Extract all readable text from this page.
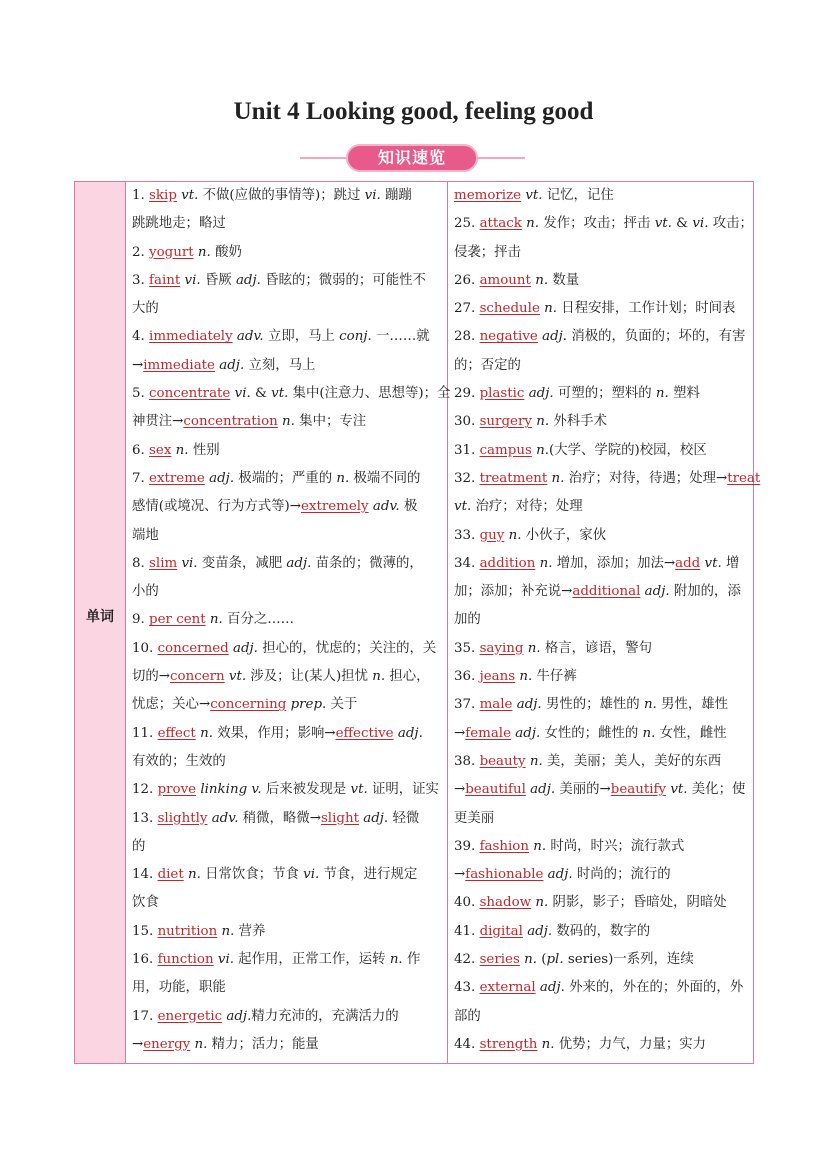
Unit 4 Looking good, feeling good
知识速览
单词
1. skip vt. 不做(应做的事情等)；跳过 vi. 蹦蹦
跳跳地走；略过
2. yogurt n. 酸奶
3. faint vi. 昏厥 adj. 昏眩的；微弱的；可能性不
大的
4. immediately adv. 立即，马上 conj. 一……就
→immediate adj. 立刻，马上
5. concentrate vi. & vt. 集中(注意力、思想等)；全
神贯注→concentration n. 集中；专注
6. sex n. 性别
7. extreme adj. 极端的；严重的 n. 极端不同的
感情(或境况、行为方式等)→extremely adv. 极
端地
8. slim vi. 变苗条，减肥 adj. 苗条的；微薄的，
小的
9. per cent n. 百分之……
10. concerned adj. 担心的，忧虑的；关注的，关
切的→concern vt. 涉及；让(某人)担忧 n. 担心，
忧虑；关心→concerning prep. 关于
11. effect n. 效果，作用；影响→effective adj.
有效的；生效的
12. prove linking v. 后来被发现是 vt. 证明，证实
13. slightly adv. 稍微，略微→slight adj. 轻微
的
14. diet n. 日常饮食；节食 vi. 节食，进行规定
饮食
15. nutrition n. 营养
16. function vi. 起作用，正常工作，运转 n. 作
用，功能，职能
17. energetic adj.精力充沛的，充满活力的
→energy n. 精力；活力；能量
memorize vt. 记忆，记住
25. attack n. 发作；攻击；抨击 vt. & vi. 攻击；
侵袭；抨击
26. amount n. 数量
27. schedule n. 日程安排，工作计划；时间表
28. negative adj. 消极的，负面的；坏的，有害
的；否定的
29. plastic adj. 可塑的；塑料的 n. 塑料
30. surgery n. 外科手术
31. campus n.(大学、学院的)校园，校区
32. treatment n. 治疗；对待，待遇；处理→treat
vt. 治疗；对待；处理
33. guy n. 小伙子，家伙
34. addition n. 增加，添加；加法→add vt. 增
加；添加；补充说→additional adj. 附加的，添
加的
35. saying n. 格言，谚语，警句
36. jeans n. 牛仔裤
37. male adj. 男性的；雄性的 n. 男性，雄性
→female adj. 女性的；雌性的 n. 女性，雌性
38. beauty n. 美，美丽；美人，美好的东西
→beautiful adj. 美丽的→beautify vt. 美化；使
更美丽
39. fashion n. 时尚，时兴；流行款式
→fashionable adj. 时尚的；流行的
40. shadow n. 阴影，影子；昏暗处，阴暗处
41. digital adj. 数码的，数字的
42. series n. (pl. series)一系列，连续
43. external adj. 外来的，外在的；外面的，外
部的
44. strength n. 优势；力气，力量；实力
